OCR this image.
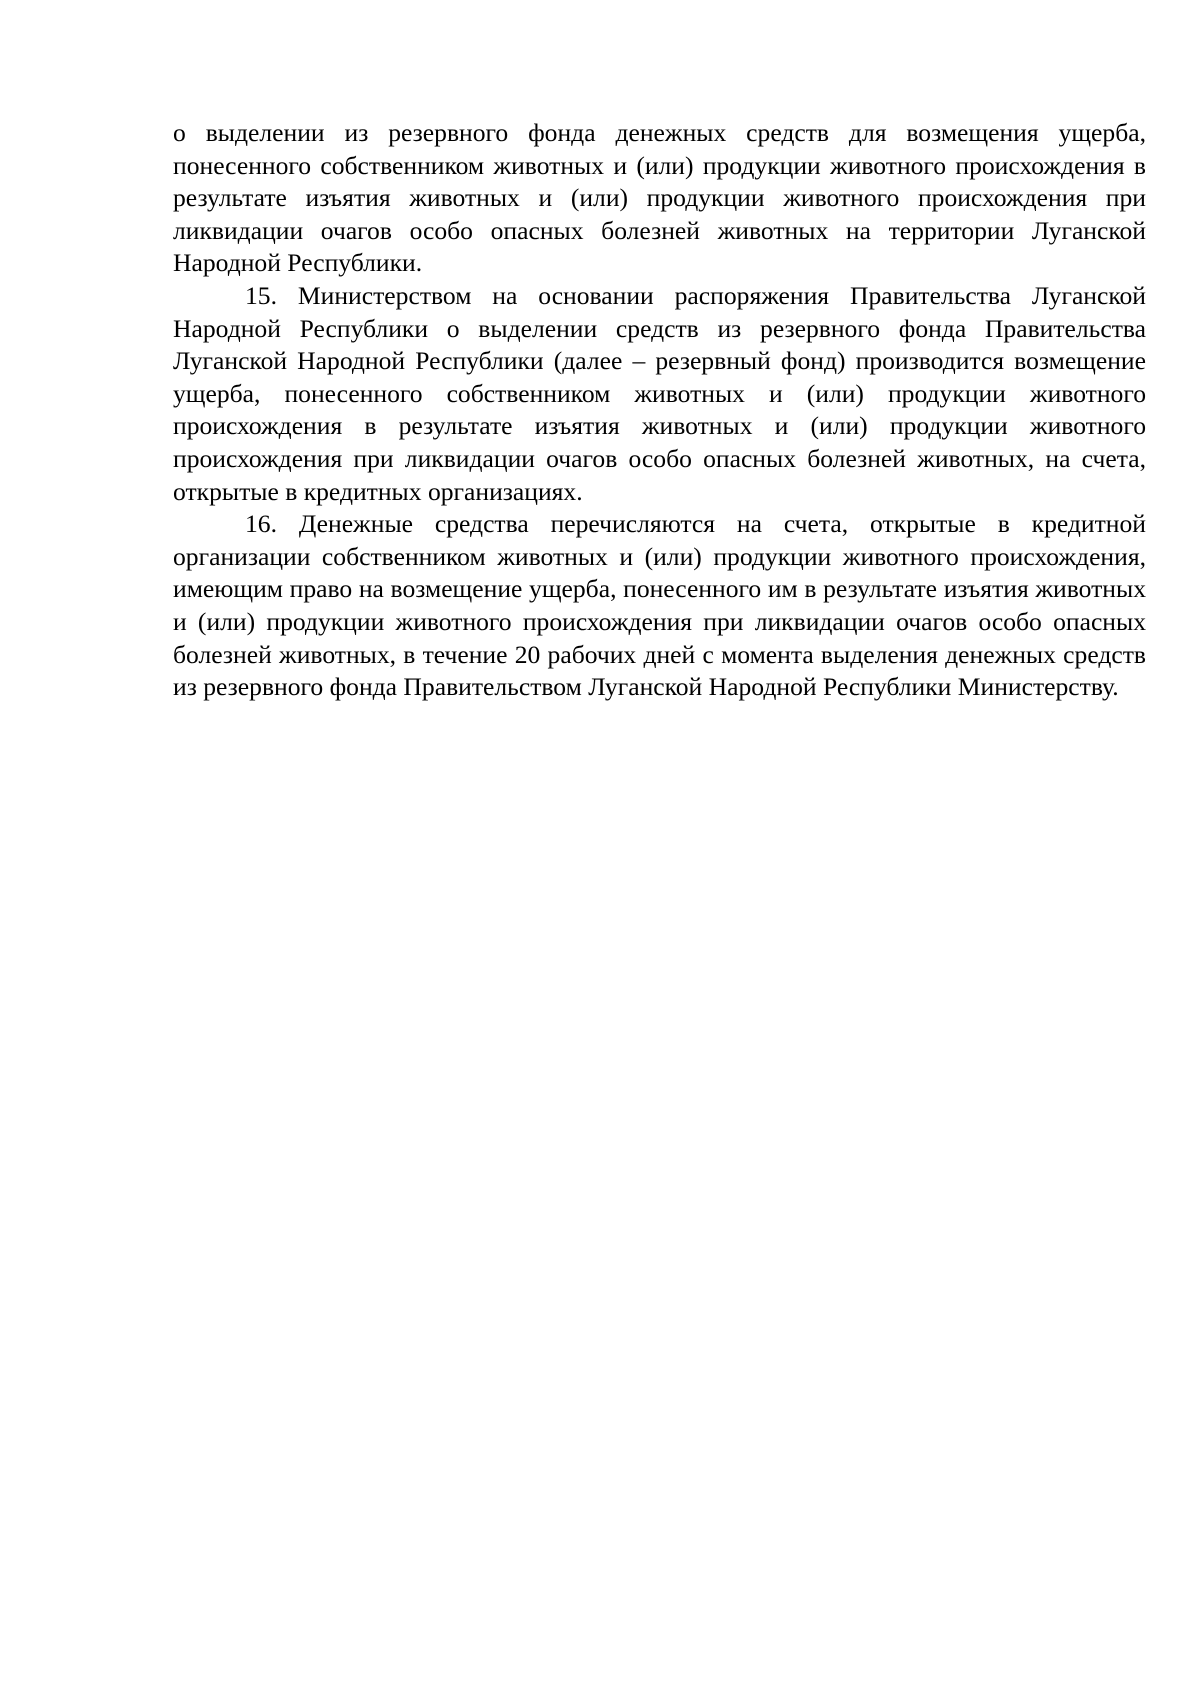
о выделении из резервного фонда денежных средств для возмещения ущерба, понесенного собственником животных и (или) продукции животного происхождения в результате изъятия животных и (или) продукции животного происхождения при ликвидации очагов особо опасных болезней животных на территории Луганской Народной Республики.

15. Министерством на основании распоряжения Правительства Луганской Народной Республики о выделении средств из резервного фонда Правительства Луганской Народной Республики (далее – резервный фонд) производится возмещение ущерба, понесенного собственником животных и (или) продукции животного происхождения в результате изъятия животных и (или) продукции животного происхождения при ликвидации очагов особо опасных болезней животных, на счета, открытые в кредитных организациях.

16. Денежные средства перечисляются на счета, открытые в кредитной организации собственником животных и (или) продукции животного происхождения, имеющим право на возмещение ущерба, понесенного им в результате изъятия животных и (или) продукции животного происхождения при ликвидации очагов особо опасных болезней животных, в течение 20 рабочих дней с момента выделения денежных средств из резервного фонда Правительством Луганской Народной Республики Министерству.
